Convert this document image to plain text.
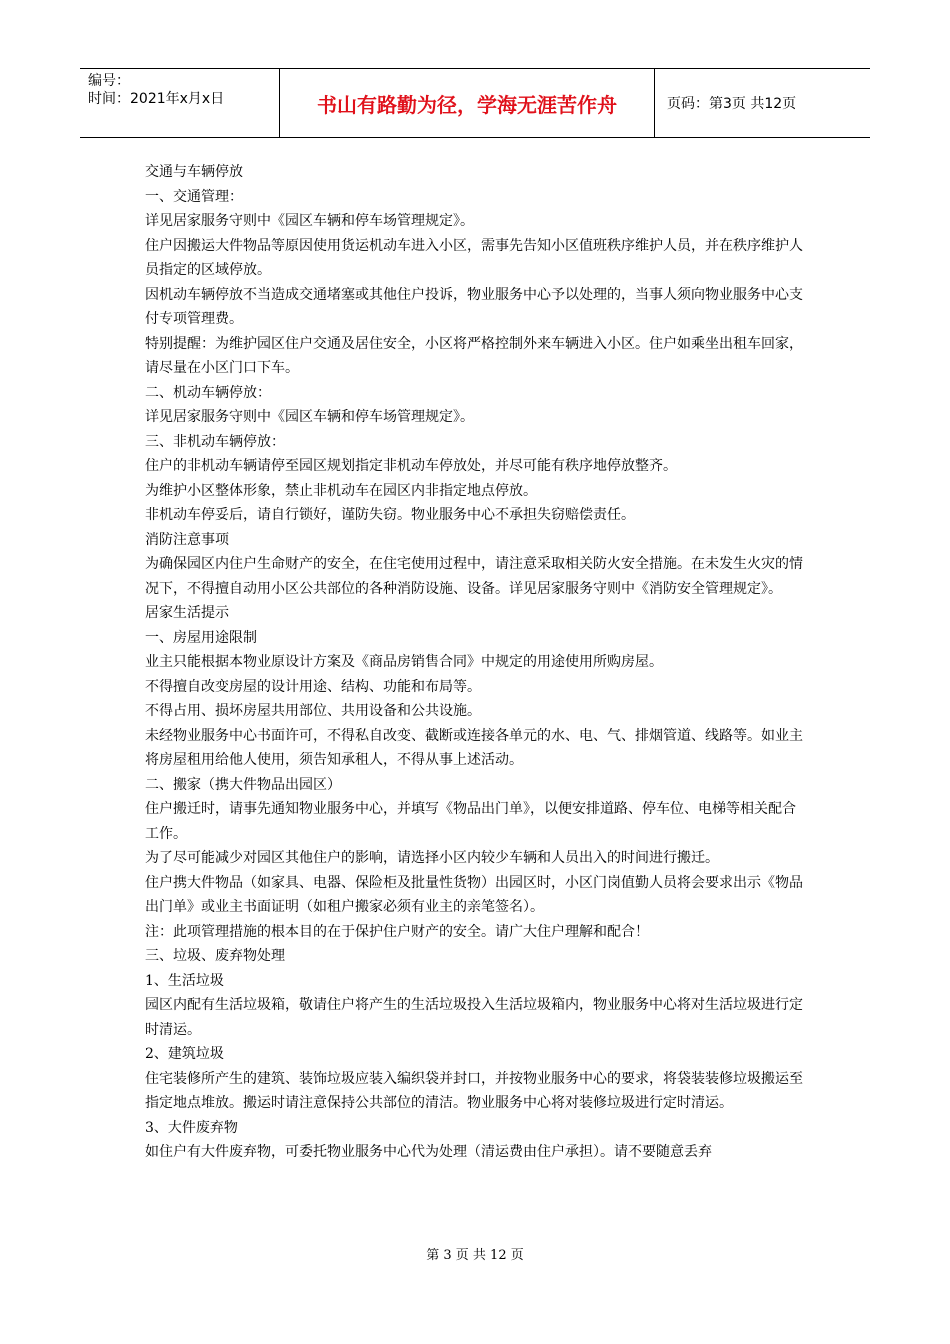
编号：
时间：2021年x月x日	书山有路勤为径，学海无涯苦作舟	页码：第3页 共12页

交通与车辆停放

一、交通管理：

详见居家服务守则中《园区车辆和停车场管理规定》。

住户因搬运大件物品等原因使用货运机动车进入小区，需事先告知小区值班秩序维护人员，并在秩序维护人员指定的区域停放。

因机动车辆停放不当造成交通堵塞或其他住户投诉，物业服务中心予以处理的，当事人须向物业服务中心支付专项管理费。

特别提醒：为维护园区住户交通及居住安全，小区将严格控制外来车辆进入小区。住户如乘坐出租车回家，请尽量在小区门口下车。

二、机动车辆停放：

详见居家服务守则中《园区车辆和停车场管理规定》。

三、非机动车辆停放：

住户的非机动车辆请停至园区规划指定非机动车停放处，并尽可能有秩序地停放整齐。

为维护小区整体形象，禁止非机动车在园区内非指定地点停放。

非机动车停妥后，请自行锁好，谨防失窃。物业服务中心不承担失窃赔偿责任。

消防注意事项

为确保园区内住户生命财产的安全，在住宅使用过程中，请注意采取相关防火安全措施。在未发生火灾的情况下，不得擅自动用小区公共部位的各种消防设施、设备。详见居家服务守则中《消防安全管理规定》。

居家生活提示

一、房屋用途限制

业主只能根据本物业原设计方案及《商品房销售合同》中规定的用途使用所购房屋。

不得擅自改变房屋的设计用途、结构、功能和布局等。

不得占用、损坏房屋共用部位、共用设备和公共设施。

未经物业服务中心书面许可，不得私自改变、截断或连接各单元的水、电、气、排烟管道、线路等。如业主将房屋租用给他人使用，须告知承租人，不得从事上述活动。

二、搬家（携大件物品出园区）

住户搬迁时，请事先通知物业服务中心，并填写《物品出门单》，以便安排道路、停车位、电梯等相关配合工作。

为了尽可能减少对园区其他住户的影响，请选择小区内较少车辆和人员出入的时间进行搬迁。

住户携大件物品（如家具、电器、保险柜及批量性货物）出园区时，小区门岗值勤人员将会要求出示《物品出门单》或业主书面证明（如租户搬家必须有业主的亲笔签名）。

注：此项管理措施的根本目的在于保护住户财产的安全。请广大住户理解和配合！

三、垃圾、废弃物处理

1、生活垃圾

园区内配有生活垃圾箱，敬请住户将产生的生活垃圾投入生活垃圾箱内，物业服务中心将对生活垃圾进行定时清运。

2、建筑垃圾

住宅装修所产生的建筑、装饰垃圾应装入编织袋并封口，并按物业服务中心的要求，将袋装装修垃圾搬运至指定地点堆放。搬运时请注意保持公共部位的清洁。物业服务中心将对装修垃圾进行定时清运。

3、大件废弃物

如住户有大件废弃物，可委托物业服务中心代为处理（清运费由住户承担）。请不要随意丢弃

第 3 页 共 12 页
